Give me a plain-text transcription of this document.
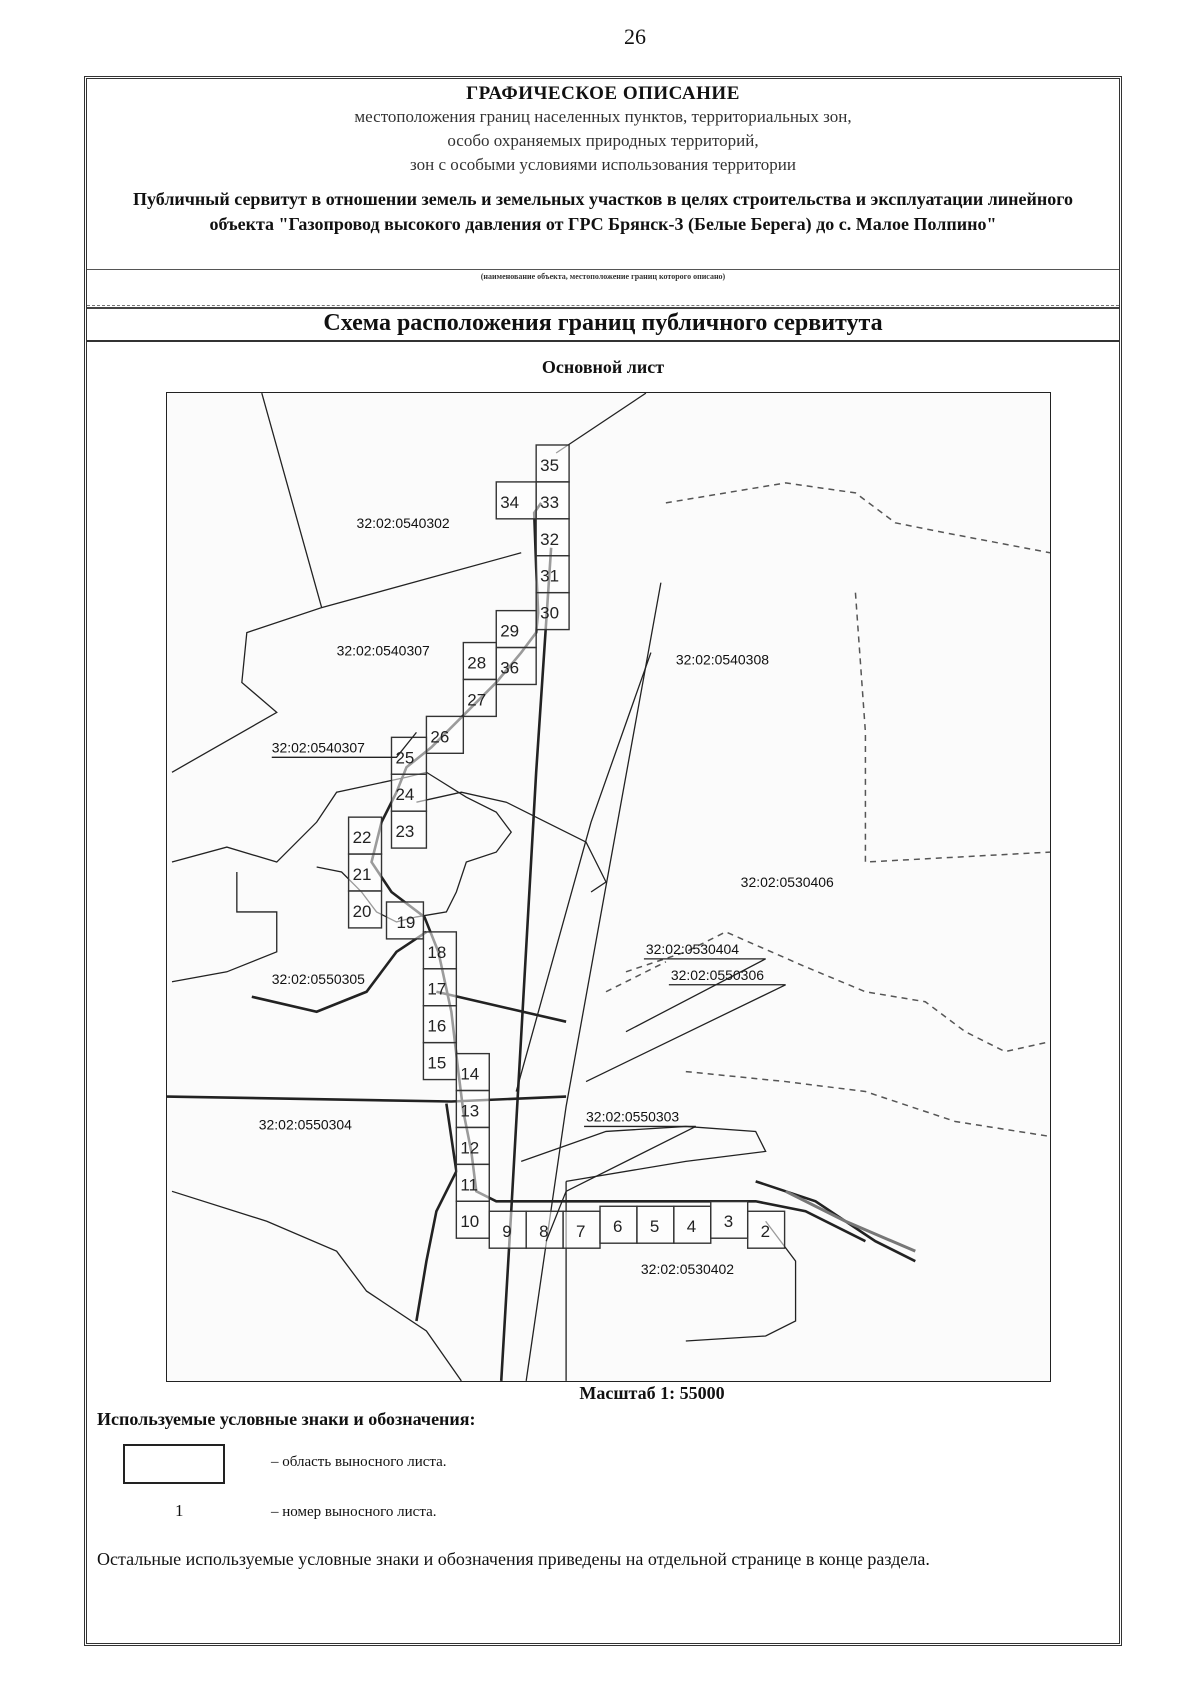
26
ГРАФИЧЕСКОЕ ОПИСАНИЕ
местоположения границ населенных пунктов, территориальных зон,
особо охраняемых природных территорий,
зон с особыми условиями использования территории
Публичный сервитут в отношении земель и земельных участков в целях строительства и эксплуатации линейного объекта "Газопровод высокого давления от ГРС Брянск-3 (Белые Берега) до с. Малое Полпино"
(наименование объекта, местоположение границ которого описано)
Схема расположения границ публичного сервитута
Основной лист
35
34 33
32
31
30
29
28 36
27
26
25
24
23
22
21
20
19
18
17
16
15
14
13
12
11
10
9 8 7 6 5 4 3
2
32:02:0540302
32:02:0540307
32:02:0540308
32:02:0540307
32:02:0530406
32:02:0530404
32:02:0550306
32:02:0550305
32:02:0550304	32:02:0550303
32:02:0530402
Масштаб 1: 55000
Используемые условные знаки и обозначения:
– область выносного листа.
1	– номер выносного листа.
Остальные используемые условные знаки и обозначения приведены на отдельной странице в конце раздела.
